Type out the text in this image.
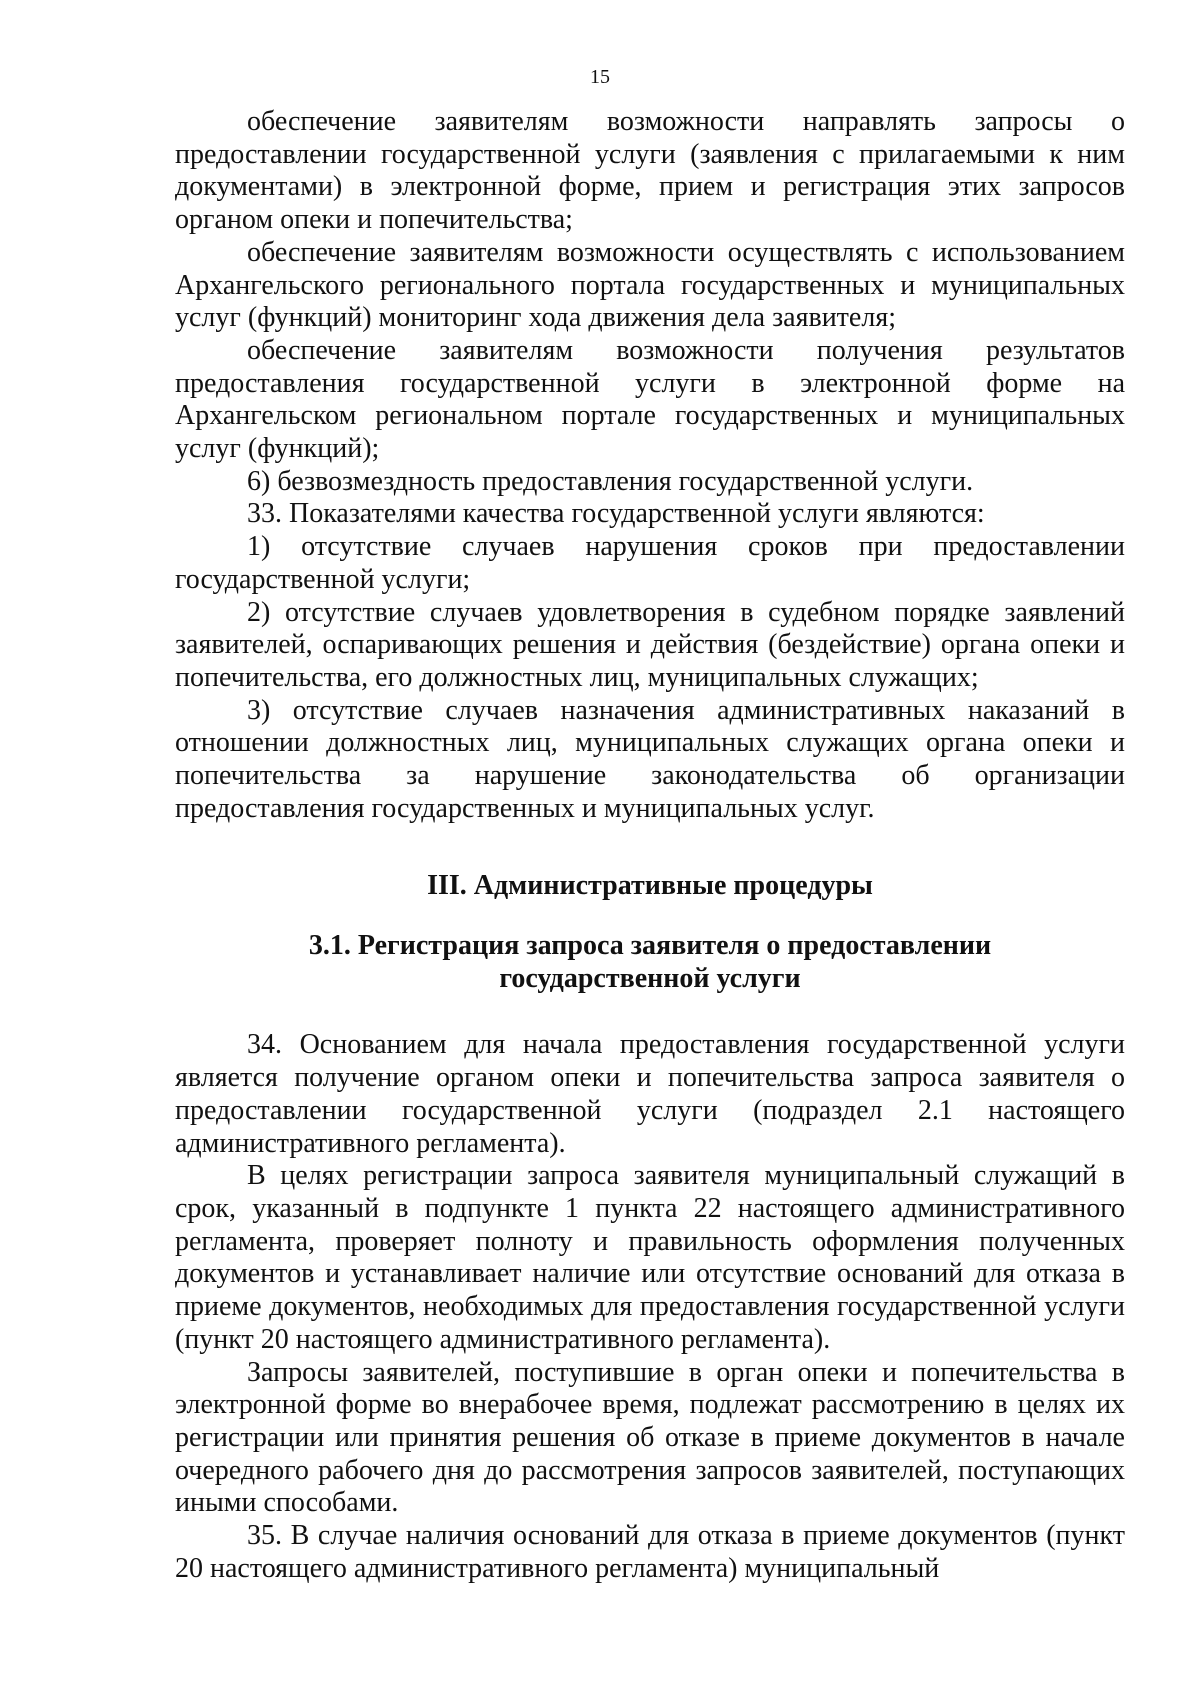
15

обеспечение заявителям возможности направлять запросы о предоставлении государственной услуги (заявления с прилагаемыми к ним документами) в электронной форме, прием и регистрация этих запросов органом опеки и попечительства;

обеспечение заявителям возможности осуществлять с использованием Архангельского регионального портала государственных и муниципальных услуг (функций) мониторинг хода движения дела заявителя;

обеспечение заявителям возможности получения результатов предоставления государственной услуги в электронной форме на Архангельском региональном портале государственных и муниципальных услуг (функций);

6) безвозмездность предоставления государственной услуги.

33. Показателями качества государственной услуги являются:

1) отсутствие случаев нарушения сроков при предоставлении государственной услуги;

2) отсутствие случаев удовлетворения в судебном порядке заявлений заявителей, оспаривающих решения и действия (бездействие) органа опеки и попечительства, его должностных лиц, муниципальных служащих;

3) отсутствие случаев назначения административных наказаний в отношении должностных лиц, муниципальных служащих органа опеки и попечительства за нарушение законодательства об организации предоставления государственных и муниципальных услуг.

III. Административные процедуры
3.1. Регистрация запроса заявителя о предоставлении
государственной услуги

34. Основанием для начала предоставления государственной услуги является получение органом опеки и попечительства запроса заявителя о предоставлении государственной услуги (подраздел 2.1 настоящего административного регламента).

В целях регистрации запроса заявителя муниципальный служащий в срок, указанный в подпункте 1 пункта 22 настоящего административного регламента, проверяет полноту и правильность оформления полученных документов и устанавливает наличие или отсутствие оснований для отказа в приеме документов, необходимых для предоставления государственной услуги (пункт 20 настоящего административного регламента).

Запросы заявителей, поступившие в орган опеки и попечительства в электронной форме во внерабочее время, подлежат рассмотрению в целях их регистрации или принятия решения об отказе в приеме документов в начале очередного рабочего дня до рассмотрения запросов заявителей, поступающих иными способами.

35. В случае наличия оснований для отказа в приеме документов (пункт 20 настоящего административного регламента) муниципальный
